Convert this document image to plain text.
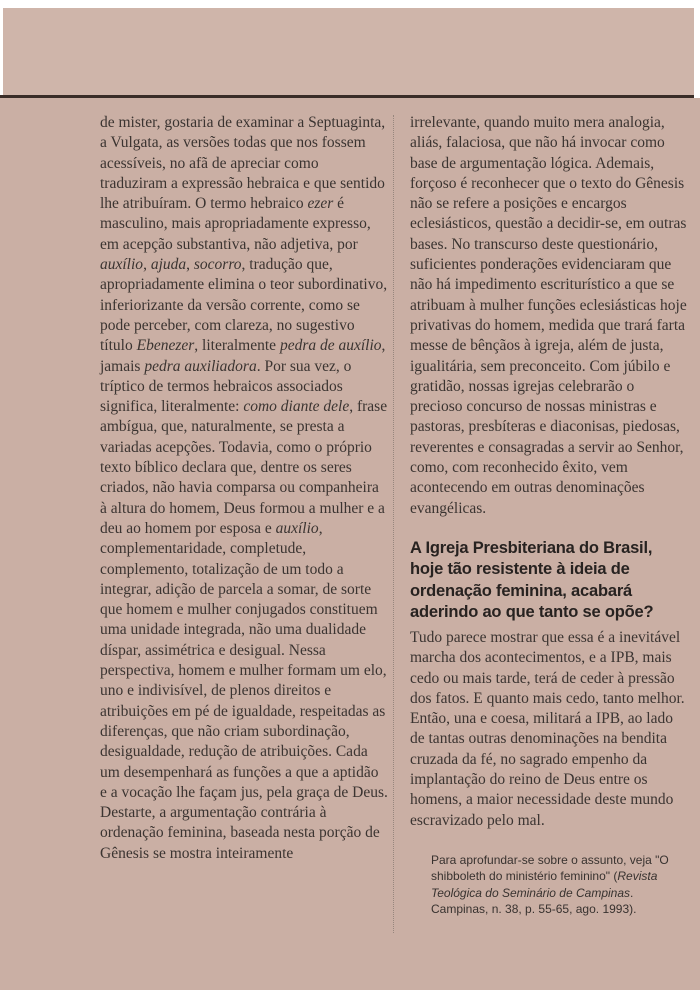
de mister, gostaria de examinar a Septuaginta, a Vulgata, as versões todas que nos fossem acessíveis, no afã de apreciar como traduziram a expressão hebraica e que sentido lhe atribuíram. O termo hebraico ezer é masculino, mais apropriadamente expresso, em acepção substantiva, não adjetiva, por auxílio, ajuda, socorro, tradução que, apropriadamente elimina o teor subordinativo, inferiorizante da versão corrente, como se pode perceber, com clareza, no sugestivo título Ebenezer, literalmente pedra de auxílio, jamais pedra auxiliadora. Por sua vez, o tríptico de termos hebraicos associados significa, literalmente: como diante dele, frase ambígua, que, naturalmente, se presta a variadas acepções. Todavia, como o próprio texto bíblico declara que, dentre os seres criados, não havia comparsa ou companheira à altura do homem, Deus formou a mulher e a deu ao homem por esposa e auxílio, complementaridade, completude, complemento, totalização de um todo a integrar, adição de parcela a somar, de sorte que homem e mulher conjugados constituem uma unidade integrada, não uma dualidade díspar, assimétrica e desigual. Nessa perspectiva, homem e mulher formam um elo, uno e indivisível, de plenos direitos e atribuições em pé de igualdade, respeitadas as diferenças, que não criam subordinação, desigualdade, redução de atribuições. Cada um desempenhará as funções a que a aptidão e a vocação lhe façam jus, pela graça de Deus. Destarte, a argumentação contrária à ordenação feminina, baseada nesta porção de Gênesis se mostra inteiramente

irrelevante, quando muito mera analogia, aliás, falaciosa, que não há invocar como base de argumentação lógica. Ademais, forçoso é reconhecer que o texto do Gênesis não se refere a posições e encargos eclesiásticos, questão a decidir-se, em outras bases. No transcurso deste questionário, suficientes ponderações evidenciaram que não há impedimento escriturístico a que se atribuam à mulher funções eclesiásticas hoje privativas do homem, medida que trará farta messe de bênçãos à igreja, além de justa, igualitária, sem preconceito. Com júbilo e gratidão, nossas igrejas celebrarão o precioso concurso de nossas ministras e pastoras, presbíteras e diaconisas, piedosas, reverentes e consagradas a servir ao Senhor, como, com reconhecido êxito, vem acontecendo em outras denominações evangélicas.

A Igreja Presbiteriana do Brasil, hoje tão resistente à ideia de ordenação feminina, acabará aderindo ao que tanto se opõe?

Tudo parece mostrar que essa é a inevitável marcha dos acontecimentos, e a IPB, mais cedo ou mais tarde, terá de ceder à pressão dos fatos. E quanto mais cedo, tanto melhor. Então, una e coesa, militará a IPB, ao lado de tantas outras denominações na bendita cruzada da fé, no sagrado empenho da implantação do reino de Deus entre os homens, a maior necessidade deste mundo escravizado pelo mal.

Para aprofundar-se sobre o assunto, veja "O shibboleth do ministério feminino" (Revista Teológica do Seminário de Campinas. Campinas, n. 38, p. 55-65, ago. 1993).
